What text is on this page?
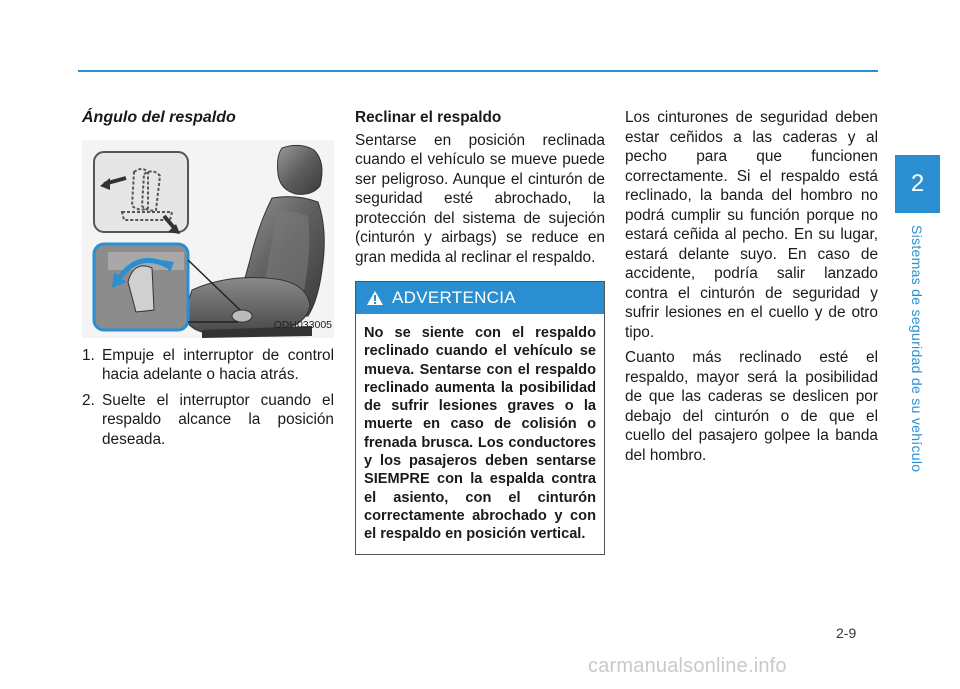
2
Sistemas de seguridad de su vehículo
Ángulo del respaldo
ODH033005
1. Empuje el interruptor de control hacia adelante o hacia atrás.
2. Suelte el interruptor cuando el respaldo alcance la posición deseada.
Reclinar el respaldo

Sentarse en posición reclinada cuando el vehículo se mueve puede ser peligroso. Aunque el cinturón de seguridad esté abrochado, la protección del sistema de sujeción (cinturón y airbags) se reduce en gran medida al reclinar el respaldo.

ADVERTENCIA
No se siente con el respaldo reclinado cuando el vehículo se mueva. Sentarse con el respaldo reclinado aumenta la posibilidad de sufrir lesiones graves o la muerte en caso de colisión o frenada brusca. Los conductores y los pasajeros deben sentarse SIEMPRE con la espalda contra el asiento, con el cinturón correctamente abrochado y con el respaldo en posición vertical.

Los cinturones de seguridad deben estar ceñidos a las caderas y al pecho para que funcionen correctamente. Si el respaldo está reclinado, la banda del hombro no podrá cumplir su función porque no estará ceñida al pecho. En su lugar, estará delante suyo. En caso de accidente, podría salir lanzado contra el cinturón de seguridad y sufrir lesiones en el cuello y de otro tipo.

Cuanto más reclinado esté el respaldo, mayor será la posibilidad de que las caderas se deslicen por debajo del cinturón o de que el cuello del pasajero golpee la banda del hombro.

2-9
carmanualsonline.info
